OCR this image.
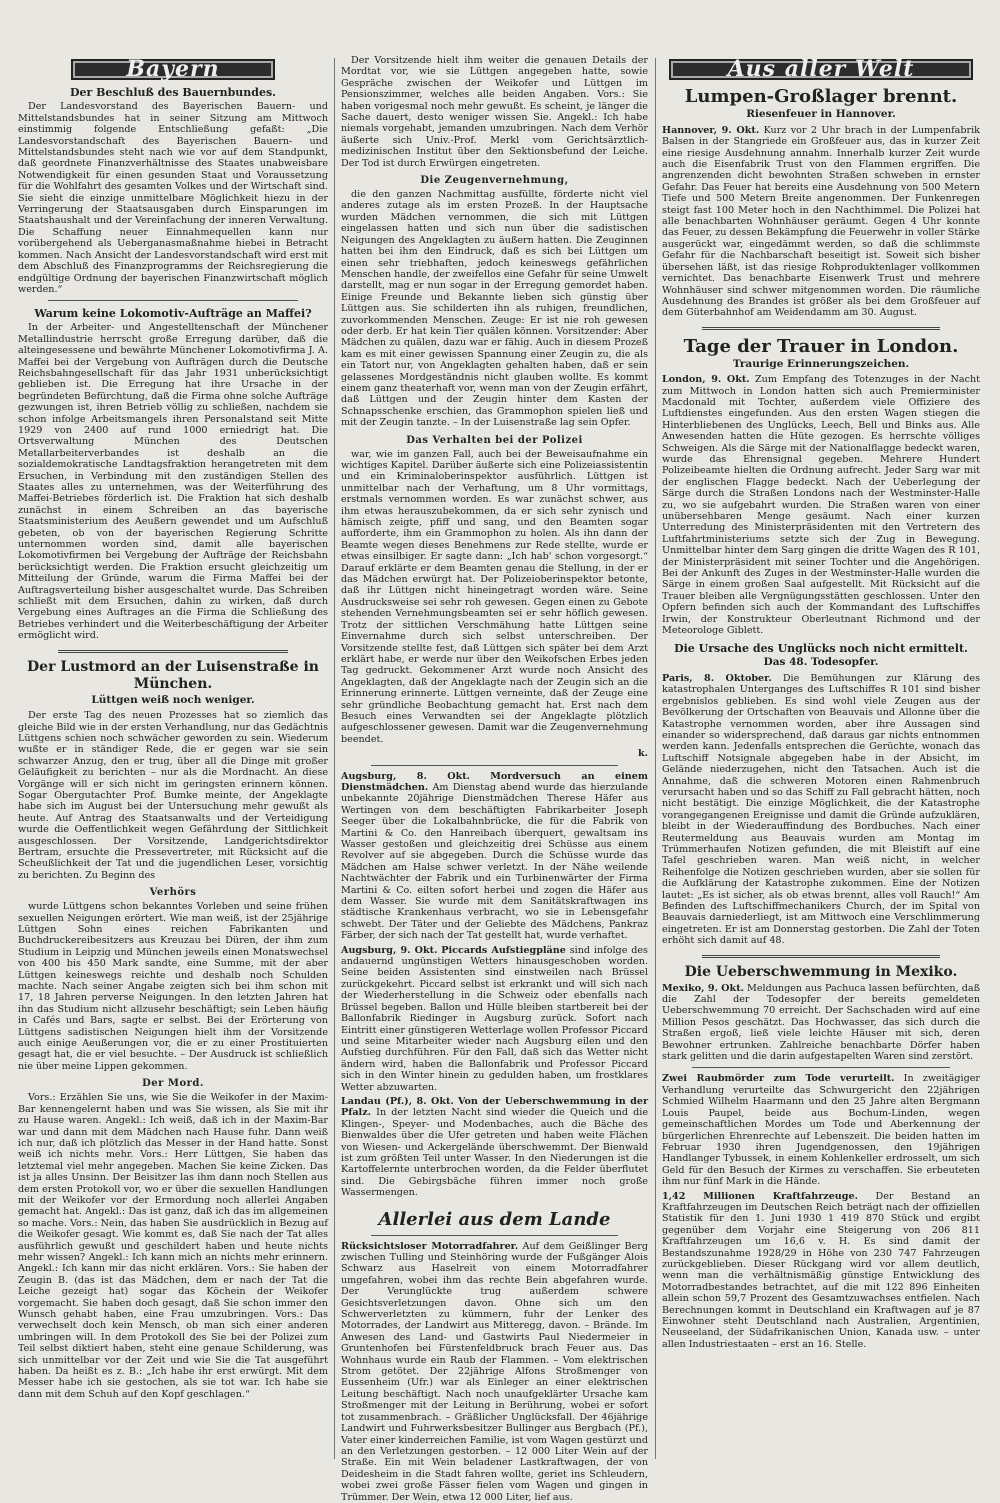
Bayern
Der Beschluß des Bauernbundes.

Der Landesvorstand des Bayerischen Bauern- und Mittelstandsbundes hat in seiner Sitzung am Mittwoch einstimmig folgende Entschließung gefaßt: „Die Landesvorstandschaft des Bayerischen Bauern- und Mittelstandsbundes steht nach wie vor auf dem Standpunkt, daß geordnete Finanzverhältnisse des Staates unabweisbare Notwendigkeit für einen gesunden Staat und Voraussetzung für die Wohlfahrt des gesamten Volkes und der Wirtschaft sind. Sie sieht die einzige unmittelbare Möglichkeit hiezu in der Verringerung der Staatsausgaben durch Einsparungen im Staatshaushalt und der Vereinfachung der inneren Verwaltung. Die Schaffung neuer Einnahmequellen kann nur vorübergehend als Ueberganasmaßnahme hiebei in Betracht kommen. Nach Ansicht der Landesvorstandschaft wird erst mit dem Abschluß des Finanzprogramms der Reichsregierung die endgültige Ordnung der bayerischen Finanzwirtschaft möglich werden.“

Warum keine Lokomotiv-Aufträge an Maffei?

In der Arbeiter- und Angestelltenschaft der Münchener Metallindustrie herrscht große Erregung darüber, daß die alteingesessene und bewährte Münchener Lokomotivfirma J. A. Maffei bei der Vergebung von Aufträgen durch die Deutsche Reichsbahngesellschaft für das Jahr 1931 unberücksichtigt geblieben ist. Die Erregung hat ihre Ursache in der begründeten Befürchtung, daß die Firma ohne solche Aufträge gezwungen ist, ihren Betrieb völlig zu schließen, nachdem sie schon infolge Arbeitsmangels ihren Personalstand seit Mitte 1929 von 2400 auf rund 1000 erniedrigt hat. Die Ortsverwaltung München des Deutschen Metallarbeiterverbandes ist deshalb an die sozialdemokratische Landtagsfraktion herangetreten mit dem Ersuchen, in Verbindung mit den zuständigen Stellen des Staates alles zu unternehmen, was der Weiterführung des Maffei-Betriebes förderlich ist. Die Fraktion hat sich deshalb zunächst in einem Schreiben an das bayerische Staatsministerium des Aeußern gewendet und um Aufschluß gebeten, ob von der bayerischen Regierung Schritte unternommen worden sind, damit alle bayerischen Lokomotivfirmen bei Vergebung der Aufträge der Reichsbahn berücksichtigt werden. Die Fraktion ersucht gleichzeitig um Mitteilung der Gründe, warum die Firma Maffei bei der Auftragsverteilung bisher ausgeschaltet wurde. Das Schreiben schließt mit dem Ersuchen, dahin zu wirken, daß durch Vergebung eines Auftrages an die Firma die Schließung des Betriebes verhindert und die Weiterbeschäftigung der Arbeiter ermöglicht wird.

Der Lustmord an der Luisenstraße in München.
Lüttgen weiß noch weniger.

Der erste Tag des neuen Prozesses hat so ziemlich das gleiche Bild wie in der ersten Verhandlung, nur das Gedächtnis Lüttgens schien noch schwächer geworden zu sein. Wiederum wußte er in ständiger Rede, die er gegen war sie sein schwarzer Anzug, den er trug, über all die Dinge mit großer Geläufigkeit zu berichten – nur als die Mordnacht. An diese Vorgänge will er sich nicht im geringsten erinnern können. Sogar Obergutachter Prof. Bumke meinte, der Angeklagte habe sich im August bei der Untersuchung mehr gewußt als heute. Auf Antrag des Staatsanwalts und der Verteidigung wurde die Oeffentlichkeit wegen Gefährdung der Sittlichkeit ausgeschlossen. Der Vorsitzende, Landgerichtsdirektor Bertram, ersuchte die Pressevertreter, mit Rücksicht auf die Scheußlichkeit der Tat und die jugendlichen Leser, vorsichtig zu berichten. Zu Beginn des

Verhörs

wurde Lüttgens schon bekanntes Vorleben und seine frühen sexuellen Neigungen erörtert. Wie man weiß, ist der 25jährige Lüttgen Sohn eines reichen Fabrikanten und Buchdruckereibesitzers aus Kreuzau bei Düren, der ihm zum Studium in Leipzig und München jeweils einen Monatswechsel von 400 bis 450 Mark sandte, eine Summe, mit der aber Lüttgen keineswegs reichte und deshalb noch Schulden machte. Nach seiner Angabe zeigten sich bei ihm schon mit 17, 18 Jahren perverse Neigungen. In den letzten Jahren hat ihn das Studium nicht allzusehr beschäftigt; sein Leben häufig in Cafés und Bars, sagte er selbst. Bei der Erörterung von Lüttgens sadistischen Neigungen hielt ihm der Vorsitzende auch einige Aeußerungen vor, die er zu einer Prostituierten gesagt hat, die er viel besuchte. – Der Ausdruck ist schließlich nie über meine Lippen gekommen.

Der Mord.

Vors.: Erzählen Sie uns, wie Sie die Weikofer in der Maxim-Bar kennengelernt haben und was Sie wissen, als Sie mit ihr zu Hause waren. Angekl.: Ich weiß, daß ich in der Maxim-Bar war und dann mit dem Mädchen nach Hause fuhr. Dann weiß ich nur, daß ich plötzlich das Messer in der Hand hatte. Sonst weiß ich nichts mehr. Vors.: Herr Lüttgen, Sie haben das letztemal viel mehr angegeben. Machen Sie keine Zicken. Das ist ja alles Unsinn. Der Beisitzer las ihm dann noch Stellen aus dem ersten Protokoll vor, wo er über die sexuellen Handlungen mit der Weikofer vor der Ermordung noch allerlei Angaben gemacht hat. Angekl.: Das ist ganz, daß ich das im allgemeinen so mache. Vors.: Nein, das haben Sie ausdrücklich in Bezug auf die Weikofer gesagt. Wie kommt es, daß Sie nach der Tat alles ausführlich gewußt und geschildert haben und heute nichts mehr wissen? Angekl.: Ich kann mich an nichts mehr erinnern. Angekl.: Ich kann mir das nicht erklären. Vors.: Sie haben der Zeugin B. (das ist das Mädchen, dem er nach der Tat die Leiche gezeigt hat) sogar das Köchein der Weikofer vorgemacht. Sie haben doch gesagt, daß Sie schon immer den Wunsch gehabt haben, eine Frau umzubringen. Vors.: Das verwechselt doch kein Mensch, ob man sich einer anderen umbringen will. In dem Protokoll des Sie bei der Polizei zum Teil selbst diktiert haben, steht eine genaue Schilderung, was sich unmittelbar vor der Zeit und wie Sie die Tat ausgeführt haben. Da heißt es z. B.: „Ich habe ihr erst erwürgt. Mit dem Messer habe ich sie gestochen, als sie tot war. Ich habe sie dann mit dem Schuh auf den Kopf geschlagen.“

Der Vorsitzende hielt ihm weiter die genauen Details der Mordtat vor, wie sie Lüttgen angegeben hatte, sowie Gespräche zwischen der Weikofer und Lüttgen im Pensionszimmer, welches alle beiden Angaben. Vors.: Sie haben vorigesmal noch mehr gewußt. Es scheint, je länger die Sache dauert, desto weniger wissen Sie. Angekl.: Ich habe niemals vorgehabt, jemanden umzubringen. Nach dem Verhör äußerte sich Univ.-Prof. Merkl vom Gerichtsärztlich-medizinischen Institut über den Sektionsbefund der Leiche. Der Tod ist durch Erwürgen eingetreten.

Die Zeugenvernehmung,

die den ganzen Nachmittag ausfüllte, förderte nicht viel anderes zutage als im ersten Prozeß. In der Hauptsache wurden Mädchen vernommen, die sich mit Lüttgen eingelassen hatten und sich nun über die sadistischen Neigungen des Angeklagten zu äußern hatten. Die Zeuginnen hatten bei ihm den Eindruck, daß es sich bei Lüttgen um einen sehr triebhaften, jedoch keineswegs gefährlichen Menschen handle, der zweifellos eine Gefahr für seine Umwelt darstellt, mag er nun sogar in der Erregung gemordet haben. Einige Freunde und Bekannte lieben sich günstig über Lüttgen aus. Sie schilderten ihn als ruhigen, freundlichen, zuvorkommenden Menschen. Zeuge: Er ist nie roh gewesen oder derb. Er hat kein Tier quälen können. Vorsitzender: Aber Mädchen zu quälen, dazu war er fähig. Auch in diesem Prozeß kam es mit einer gewissen Spannung einer Zeugin zu, die als ein Tatort nur, von Angeklagten gehalten haben, daß er sein gelassenes Mordgeständnis nicht glauben wollte. Es kommt einem ganz theaterhaft vor, wenn man von der Zeugin erfährt, daß Lüttgen und der Zeugin hinter dem Kasten der Schnapsschenke erschien, das Grammophon spielen ließ und mit der Zeugin tanzte. – In der Luisenstraße lag sein Opfer.

Das Verhalten bei der Polizei

war, wie im ganzen Fall, auch bei der Beweisaufnahme ein wichtiges Kapitel. Darüber äußerte sich eine Polizeiassistentin und ein Kriminaloberinspektor ausführlich. Lüttgen ist unmittelbar nach der Verhaftung, um 8 Uhr vormittags, erstmals vernommen worden. Es war zunächst schwer, aus ihm etwas herauszubekommen, da er sich sehr zynisch und hämisch zeigte, pfiff und sang, und den Beamten sogar aufforderte, ihm ein Grammophon zu holen. Als ihn dann der Beamte wegen dieses Benehmens zur Rede stellte, wurde er etwas einsilbiger. Er sagte dann: „Ich hab' schon vorgesorgt.“ Darauf erklärte er dem Beamten genau die Stellung, in der er das Mädchen erwürgt hat. Der Polizeioberinspektor betonte, daß ihr Lüttgen nicht hineingetragt worden wäre. Seine Ausdrucksweise sei sehr roh gewesen. Gegen einen zu Gebote stehenden Vernehmungsbeamten sei er sehr höflich gewesen. Trotz der sittlichen Verschmähung hatte Lüttgen seine Einvernahme durch sich selbst unterschreiben. Der Vorsitzende stellte fest, daß Lüttgen sich später bei dem Arzt erklärt habe, er werde nur über den Weikofschen Erbes jeden Tag gedruckt. Gekommener Arzt wurde noch Ansicht des Angeklagten, daß der Angeklagte nach der Zeugin sich an die Erinnerung erinnerte. Lüttgen verneinte, daß der Zeuge eine sehr gründliche Beobachtung gemacht hat. Erst nach dem Besuch eines Verwandten sei der Angeklagte plötzlich aufgeschlossener gewesen. Damit war die Zeugenvernehmung beendet.

k.

Augsburg, 8. Okt. Mordversuch an einem Dienstmädchen. Am Dienstag abend wurde das hierzulande unbekannte 20jährige Dienstmädchen Therese Häfer aus Wertingen von dem beschäftigten Fabrikarbeiter Joseph Seeger über die Lokalbahnbrücke, die für die Fabrik von Martini & Co. den Hanreibach überquert, gewaltsam ins Wasser gestoßen und gleichzeitig drei Schüsse aus einem Revolver auf sie abgegeben. Durch die Schüsse wurde das Mädchen am Halse schwer verletzt. In der Nähe weilende Nachtwächter der Fabrik und ein Turbinenwärter der Firma Martini & Co. eilten sofort herbei und zogen die Häfer aus dem Wasser. Sie wurde mit dem Sanitätskraftwagen ins städtische Krankenhaus verbracht, wo sie in Lebensgefahr schwebt. Der Täter und der Geliebte des Mädchens, Pankraz Färber, der sich nach der Tat gestellt hat, wurde verhaftet.

Augsburg, 9. Okt. Piccards Aufstiegpläne sind infolge des andauernd ungünstigen Wetters hinausgeschoben worden. Seine beiden Assistenten sind einstweilen nach Brüssel zurückgekehrt. Piccard selbst ist erkrankt und will sich nach der Wiederherstellung in die Schweiz oder ebenfalls nach Brüssel begeben. Ballon und Hülle bleiben startbereit bei der Ballonfabrik Riedinger in Augsburg zurück. Sofort nach Eintritt einer günstigeren Wetterlage wollen Professor Piccard und seine Mitarbeiter wieder nach Augsburg eilen und den Aufstieg durchführen. Für den Fall, daß sich das Wetter nicht ändern wird, haben die Ballonfabrik und Professor Piccard sich in den Winter hinein zu gedulden haben, um frostklares Wetter abzuwarten.

Landau (Pf.), 8. Okt. Von der Ueberschwemmung in der Pfalz. In der letzten Nacht sind wieder die Queich und die Klingen-, Speyer- und Modenbaches, auch die Bäche des Bienwaldes über die Ufer getreten und haben weite Flächen von Wiesen- und Ackergelände überschwemmt. Der Bienwald ist zum größten Teil unter Wasser. In den Niederungen ist die Kartoffelernte unterbrochen worden, da die Felder überflutet sind. Die Gebirgsbäche führen immer noch große Wassermengen.

Allerlei aus dem Lande

Rücksichtsloser Motorradfahrer. Auf dem Geißlinger Berg zwischen Tulling und Steinhöring wurde der Fußgänger Alois Schwarz aus Haselreit von einem Motorradfahrer umgefahren, wobei ihm das rechte Bein abgefahren wurde. Der Verunglückte trug außerdem schwere Gesichtsverletzungen davon. Ohne sich um den Schwerverletzten zu kümmern, fuhr der Lenker des Motorrades, der Landwirt aus Mitteregg, davon. – Brände. Im Anwesen des Land- und Gastwirts Paul Niedermeier in Gruntenhofen bei Fürstenfeldbruck brach Feuer aus. Das Wohnhaus wurde ein Raub der Flammen. – Vom elektrischen Strom getötet. Der 22jährige Alfons Stroßmenger von Eussenheim (Ufr.) war als Einleger an einer elektrischen Leitung beschäftigt. Nach noch unaufgeklärter Ursache kam Stroßmenger mit der Leitung in Berührung, wobei er sofort tot zusammenbrach. – Gräßlicher Unglücksfall. Der 46jährige Landwirt und Fuhrwerksbesitzer Bullinger aus Bergbach (Pf.), Vater einer kinderreichen Familie, ist vom Wagen gestürzt und an den Verletzungen gestorben. – 12 000 Liter Wein auf der Straße. Ein mit Wein beladener Lastkraftwagen, der von Deidesheim in die Stadt fahren wollte, geriet ins Schleudern, wobei zwei große Fässer fielen vom Wagen und gingen in Trümmer. Der Wein, etwa 12 000 Liter, lief aus.

Aus aller Welt
Lumpen-Großlager brennt.
Riesenfeuer in Hannover.

Hannover, 9. Okt. Kurz vor 2 Uhr brach in der Lumpenfabrik Balsen in der Stangriede ein Großfeuer aus, das in kurzer Zeit eine riesige Ausdehnung annahm. Innerhalb kurzer Zeit wurde auch die Eisenfabrik Trust von den Flammen ergriffen. Die angrenzenden dicht bewohnten Straßen schweben in ernster Gefahr. Das Feuer hat bereits eine Ausdehnung von 500 Metern Tiefe und 500 Metern Breite angenommen. Der Funkenregen steigt fast 100 Meter hoch in den Nachthimmel. Die Polizei hat alle benachbarten Wohnhäuser geräumt. Gegen 4 Uhr konnte das Feuer, zu dessen Bekämpfung die Feuerwehr in voller Stärke ausgerückt war, eingedämmt werden, so daß die schlimmste Gefahr für die Nachbarschaft beseitigt ist. Soweit sich bisher übersehen läßt, ist das riesige Rohproduktenlager vollkommen vernichtet. Das benachbarte Eisenwerk Trust und mehrere Wohnhäuser sind schwer mitgenommen worden. Die räumliche Ausdehnung des Brandes ist größer als bei dem Großfeuer auf dem Güterbahnhof am Weidendamm am 30. August.

Tage der Trauer in London.
Traurige Erinnerungszeichen.

London, 9. Okt. Zum Empfang des Totenzuges in der Nacht zum Mittwoch in London hatten sich auch Premierminister Macdonald mit Tochter, außerdem viele Offiziere des Luftdienstes eingefunden. Aus den ersten Wagen stiegen die Hinterbliebenen des Unglücks, Leech, Bell und Binks aus. Alle Anwesenden hatten die Hüte gezogen. Es herrschte völliges Schweigen. Als die Särge mit der Nationalflagge bedeckt waren, wurde das Ehrensignal gegeben. Mehrere Hundert Polizeibeamte hielten die Ordnung aufrecht. Jeder Sarg war mit der englischen Flagge bedeckt. Nach der Ueberlegung der Särge durch die Straßen Londons nach der Westminster-Halle zu, wo sie aufgebahrt wurden. Die Straßen waren von einer unübersehbaren Menge gesäumt. Nach einer kurzen Unterredung des Ministerpräsidenten mit den Vertretern des Luftfahrtministeriums setzte sich der Zug in Bewegung. Unmittelbar hinter dem Sarg gingen die dritte Wagen des R 101, der Ministerpräsident mit seiner Tochter und die Angehörigen. Bei der Ankunft des Zuges in der Westminster-Halle wurden die Särge in einem großen Saal aufgestellt. Mit Rücksicht auf die Trauer bleiben alle Vergnügungsstätten geschlossen. Unter den Opfern befinden sich auch der Kommandant des Luftschiffes Irwin, der Konstrukteur Oberleutnant Richmond und der Meteorologe Giblett.

Die Ursache des Unglücks noch nicht ermittelt.
Das 48. Todesopfer.

Paris, 8. Oktober. Die Bemühungen zur Klärung des katastrophalen Unterganges des Luftschiffes R 101 sind bisher ergebnislos geblieben. Es sind wohl viele Zeugen aus der Bevölkerung der Ortschaften von Beauvais und Allonne über die Katastrophe vernommen worden, aber ihre Aussagen sind einander so widersprechend, daß daraus gar nichts entnommen werden kann. Jedenfalls entsprechen die Gerüchte, wonach das Luftschiff Notsignale abgegeben habe in der Absicht, im Gelände niederzugehen, nicht den Tatsachen. Auch ist die Annahme, daß die schweren Motoren einen Rahmenbruch verursacht haben und so das Schiff zu Fall gebracht hätten, noch nicht bestätigt. Die einzige Möglichkeit, die der Katastrophe vorangegangenen Ereignisse und damit die Gründe aufzuklären, bleibt in der Wiederauffindung des Bordbuches. Nach einer Reutermeldung aus Beauvais wurden am Montag im Trümmerhaufen Notizen gefunden, die mit Bleistift auf eine Tafel geschrieben waren. Man weiß nicht, in welcher Reihenfolge die Notizen geschrieben wurden, aber sie sollen für die Aufklärung der Katastrophe zukommen. Eine der Notizen lautet: „Es ist sicher, als ob etwas brennt, alles voll Rauch!“ Am Befinden des Luftschiffmechanikers Church, der im Spital von Beauvais darniederliegt, ist am Mittwoch eine Verschlimmerung eingetreten. Er ist am Donnerstag gestorben. Die Zahl der Toten erhöht sich damit auf 48.

Die Ueberschwemmung in Mexiko.

Mexiko, 9. Okt. Meldungen aus Pachuca lassen befürchten, daß die Zahl der Todesopfer der bereits gemeldeten Ueberschwemmung 70 erreicht. Der Sachschaden wird auf eine Million Pesos geschätzt. Das Hochwasser, das sich durch die Straßen ergoß, ließ viele leichte Häuser mit sich, deren Bewohner ertrunken. Zahlreiche benachbarte Dörfer haben stark gelitten und die darin aufgestapelten Waren sind zerstört.

Zwei Raubmörder zum Tode verurteilt. In zweitägiger Verhandlung verurteilte das Schwurgericht den 22jährigen Schmied Wilhelm Haarmann und den 25 Jahre alten Bergmann Louis Paupel, beide aus Bochum-Linden, wegen gemeinschaftlichen Mordes um Tode und Aberkennung der bürgerlichen Ehrenrechte auf Lebenszeit. Die beiden hatten im Februar 1930 ihren Jugendgenossen, den 19jährigen Handlanger Tybussek, in einem Kohlenkeller erdrosselt, um sich Geld für den Besuch der Kirmes zu verschaffen. Sie erbeuteten ihm nur fünf Mark in die Hände.

1,42 Millionen Kraftfahrzeuge. Der Bestand an Kraftfahrzeugen im Deutschen Reich beträgt nach der offiziellen Statistik für den 1. Juni 1930 1 419 870 Stück und ergibt gegenüber dem Vorjahr eine Steigerung von 206 811 Kraftfahrzeugen um 16,6 v. H. Es sind damit der Bestandszunahme 1928/29 in Höhe von 230 747 Fahrzeugen zurückgeblieben. Dieser Rückgang wird vor allem deutlich, wenn man die verhältnismäßig günstige Entwicklung des Motorradbestandes betrachtet, auf die mit 122 896 Einheiten allein schon 59,7 Prozent des Gesamtzuwachses entfielen. Nach Berechnungen kommt in Deutschland ein Kraftwagen auf je 87 Einwohner steht Deutschland nach Australien, Argentinien, Neuseeland, der Südafrikanischen Union, Kanada usw. – unter allen Industriestaaten – erst an 16. Stelle.
